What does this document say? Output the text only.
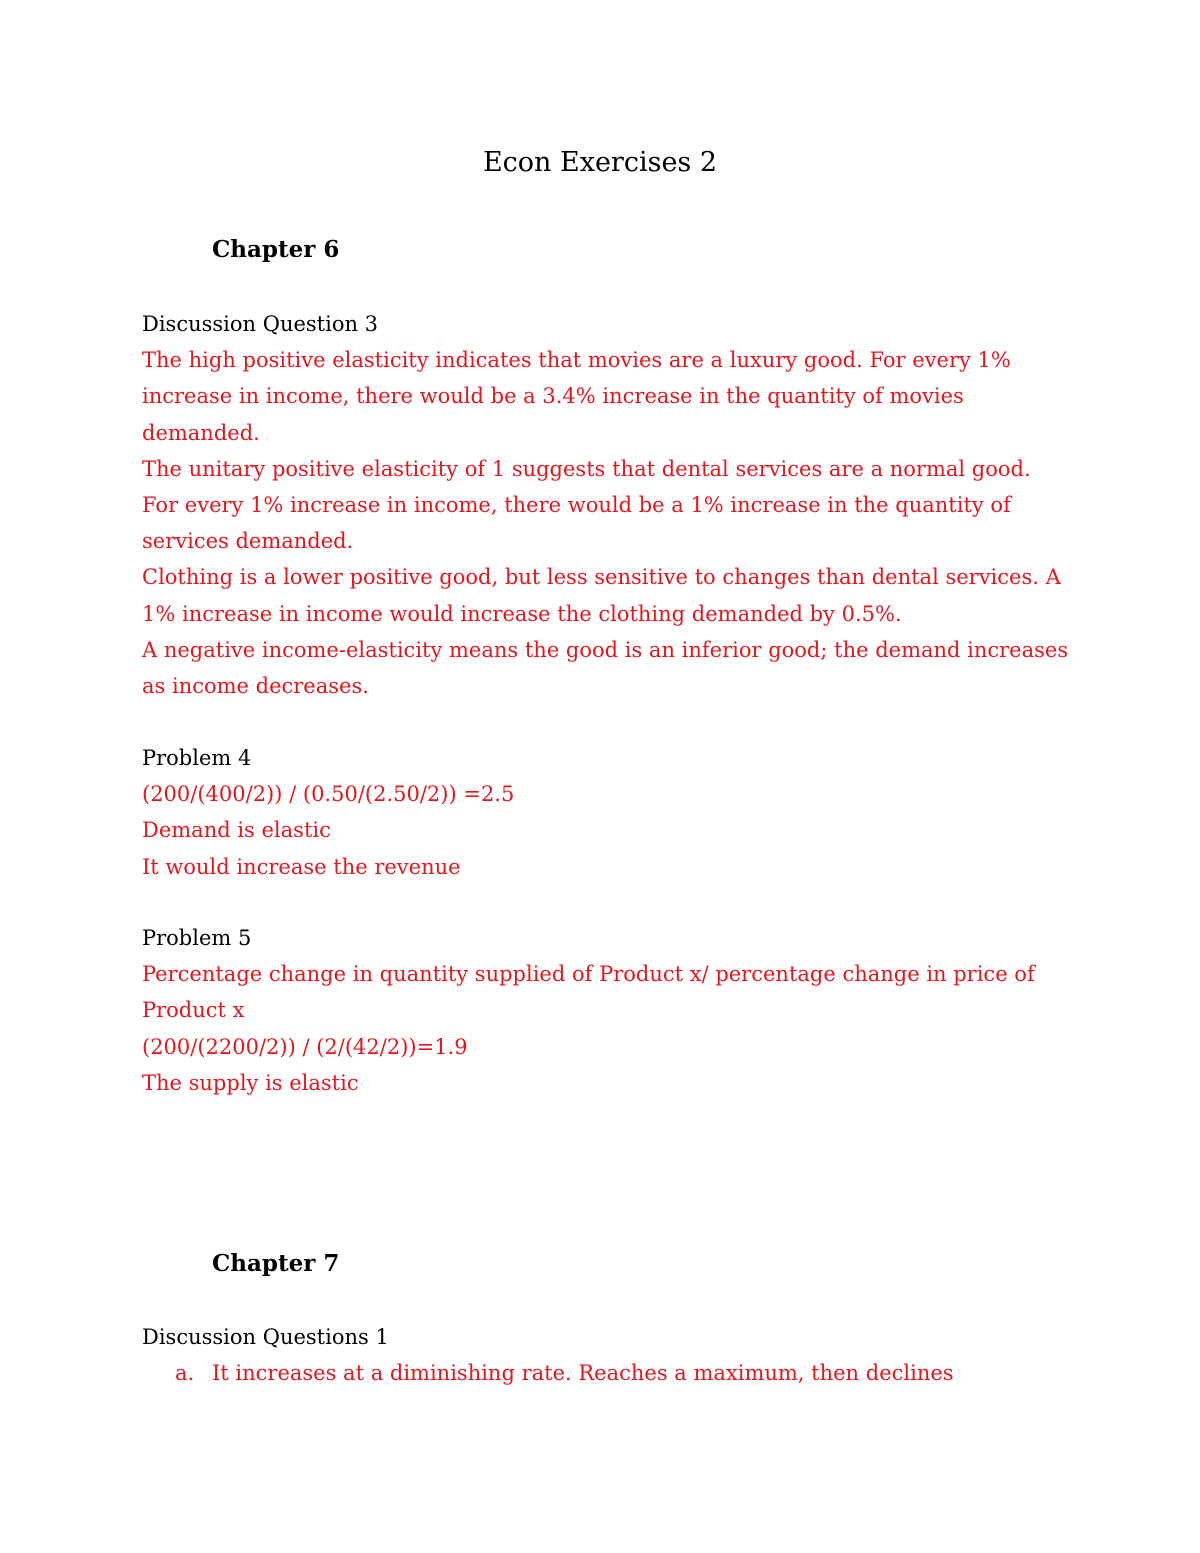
Econ Exercises 2
Chapter 6
Discussion Question 3
The high positive elasticity indicates that movies are a luxury good. For every 1% increase in income, there would be a 3.4% increase in the quantity of movies demanded.
The unitary positive elasticity of 1 suggests that dental services are a normal good. For every 1% increase in income, there would be a 1% increase in the quantity of services demanded.
Clothing is a lower positive good, but less sensitive to changes than dental services. A 1% increase in income would increase the clothing demanded by 0.5%.
A negative income-elasticity means the good is an inferior good; the demand increases as income decreases.
Problem 4
(200/(400/2)) / (0.50/(2.50/2)) =2.5
Demand is elastic
It would increase the revenue
Problem 5
Percentage change in quantity supplied of Product x/ percentage change in price of Product x
(200/(2200/2)) / (2/(42/2))=1.9
The supply is elastic
Chapter 7
Discussion Questions 1
a. It increases at a diminishing rate. Reaches a maximum, then declines
